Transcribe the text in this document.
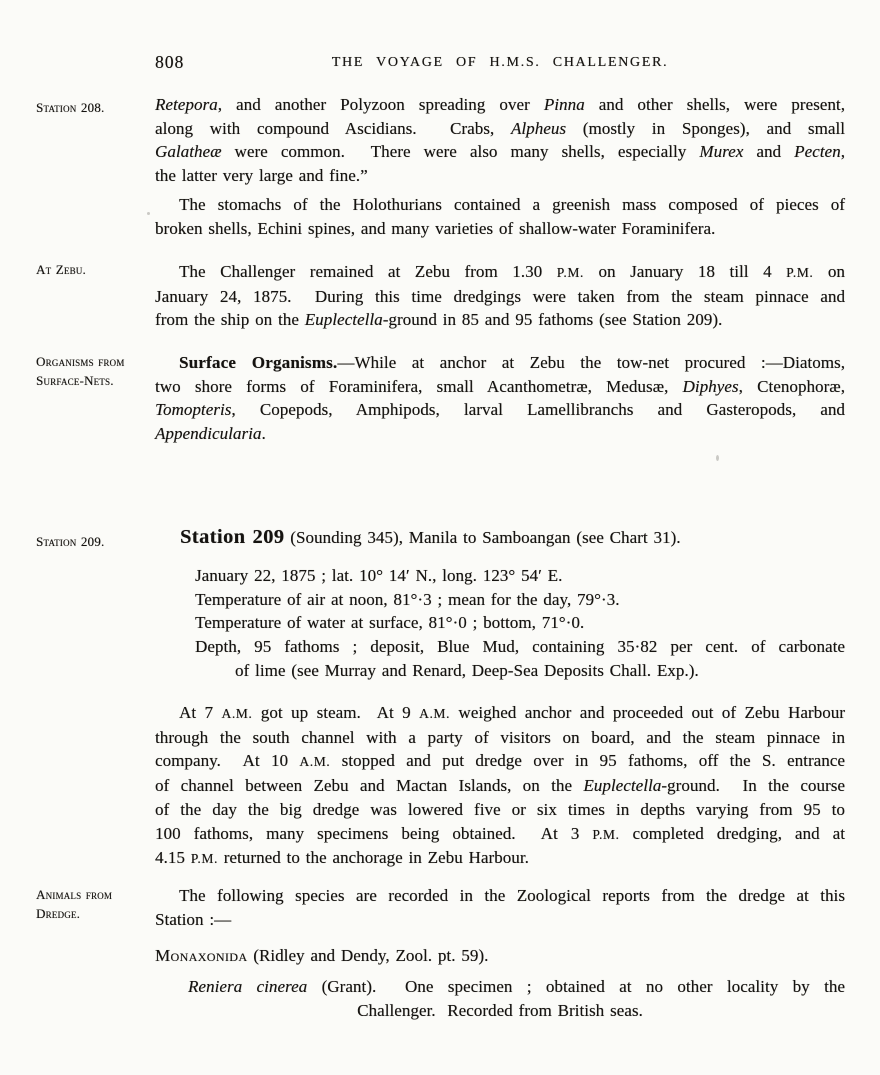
808	THE VOYAGE OF H.M.S. CHALLENGER.
Station 208.
At Zebu.
Organisms from Surface-Nets.
Station 209.
Animals from Dredge.
Retepora, and another Polyzoon spreading over Pinna and other shells, were present,
along with compound Ascidians.  Crabs, Alpheus (mostly in Sponges), and small
Galatheæ were common.  There were also many shells, especially Murex and Pecten,
the latter very large and fine.”
The stomachs of the Holothurians contained a greenish mass composed of pieces of
broken shells, Echini spines, and many varieties of shallow-water Foraminifera.
The Challenger remained at Zebu from 1.30 P.M. on January 18 till 4 P.M. on
January 24, 1875.  During this time dredgings were taken from the steam pinnace and
from the ship on the Euplectella-ground in 85 and 95 fathoms (see Station 209).
Surface Organisms.—While at anchor at Zebu the tow-net procured :—Diatoms,
two shore forms of Foraminifera, small Acanthometræ, Medusæ, Diphyes, Ctenophoræ,
Tomopteris, Copepods, Amphipods, larval Lamellibranchs and Gasteropods, and
Appendicularia.
Station 209 (Sounding 345), Manila to Samboangan (see Chart 31).
January 22, 1875 ; lat. 10° 14′ N., long. 123° 54′ E.
Temperature of air at noon, 81°·3 ; mean for the day, 79°·3.
Temperature of water at surface, 81°·0 ; bottom, 71°·0.
Depth, 95 fathoms ; deposit, Blue Mud, containing 35·82 per cent. of carbonate
of lime (see Murray and Renard, Deep-Sea Deposits Chall. Exp.).
At 7 A.M. got up steam.  At 9 A.M. weighed anchor and proceeded out of Zebu Harbour
through the south channel with a party of visitors on board, and the steam pinnace in
company.  At 10 A.M. stopped and put dredge over in 95 fathoms, off the S. entrance
of channel between Zebu and Mactan Islands, on the Euplectella-ground.  In the course
of the day the big dredge was lowered five or six times in depths varying from 95 to
100 fathoms, many specimens being obtained.  At 3 P.M. completed dredging, and at
4.15 P.M. returned to the anchorage in Zebu Harbour.
The following species are recorded in the Zoological reports from the dredge at this
Station :—
Monaxonida (Ridley and Dendy, Zool. pt. 59).
Reniera cinerea (Grant).  One specimen ; obtained at no other locality by the
Challenger.  Recorded from British seas.
